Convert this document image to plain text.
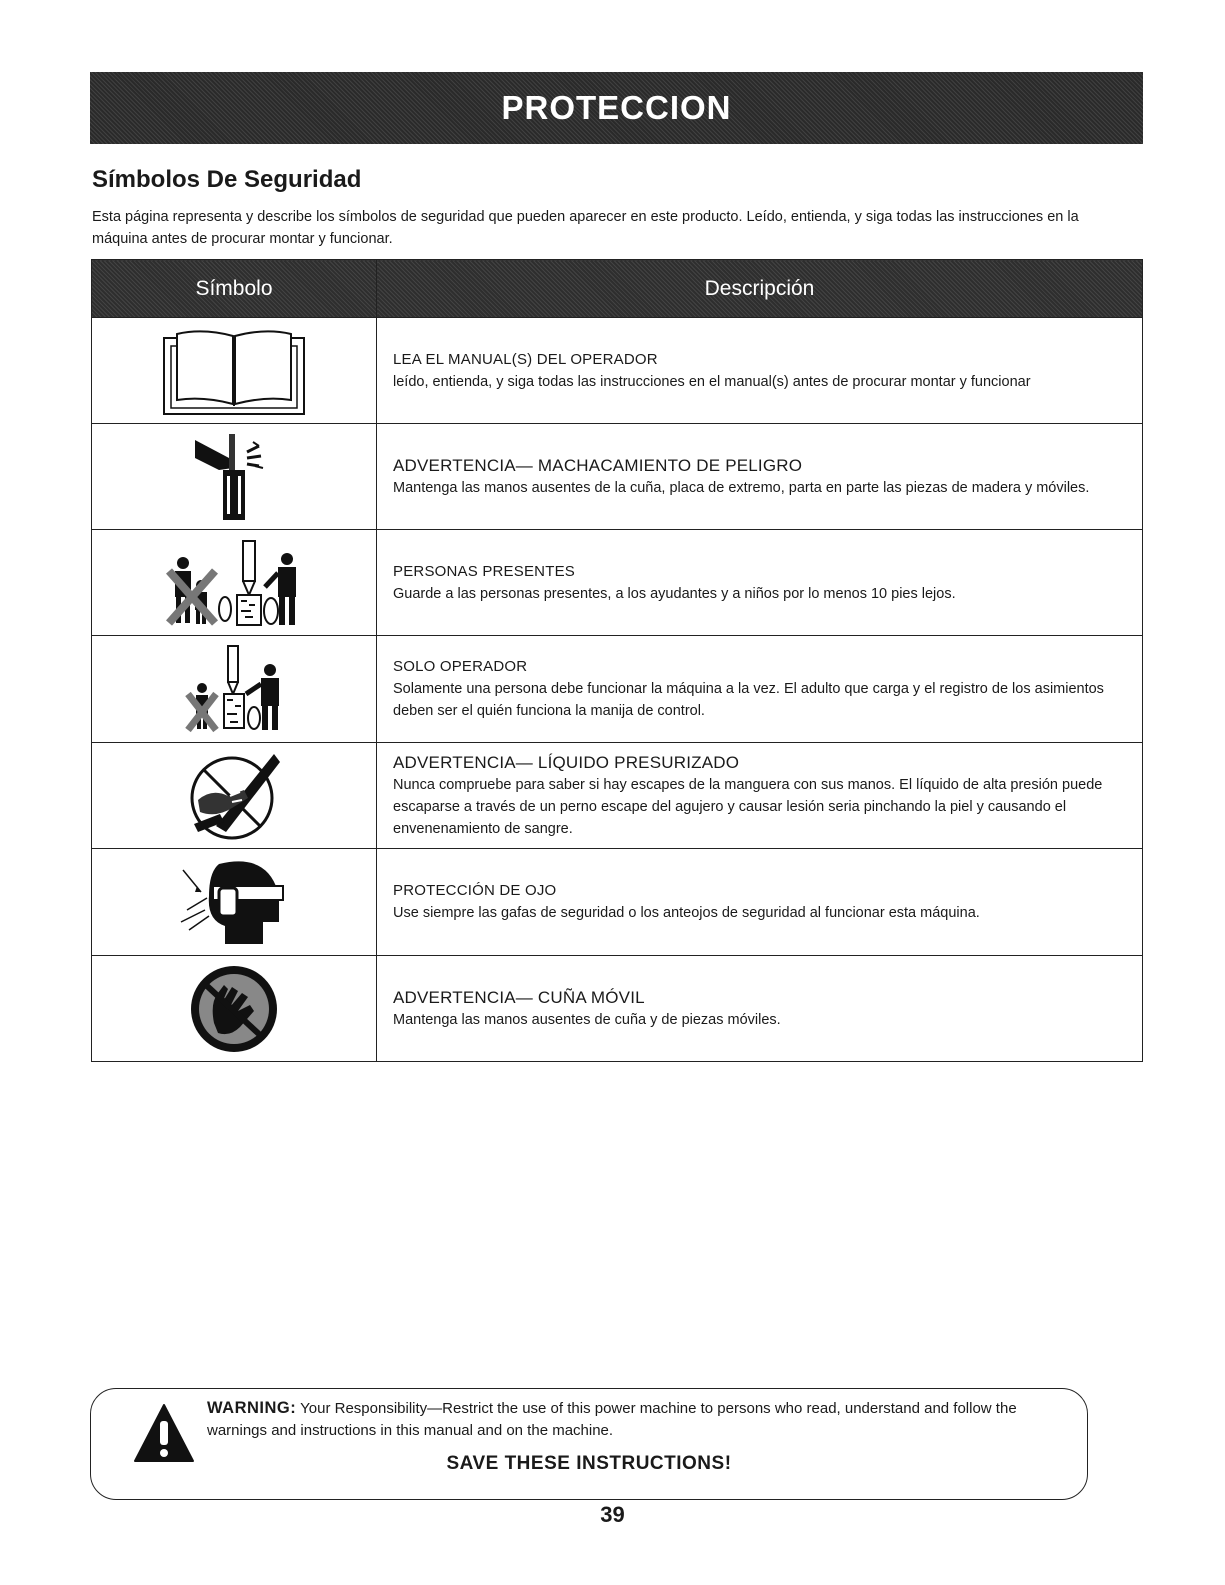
PROTECCION
Símbolos De Seguridad

Esta página representa y describe los símbolos de seguridad que pueden aparecer en este producto. Leído, entienda, y siga todas las instrucciones en la máquina antes de procurar montar y funcionar.

Símbolo	Descripción

LEA EL MANUAL(S) DEL OPERADOR
leído, entienda, y siga todas las instrucciones en el manual(s) antes de procurar montar y funcionar

ADVERTENCIA— MACHACAMIENTO DE PELIGRO
Mantenga las manos ausentes de la cuña, placa de extremo, parta en parte las piezas de madera y móviles.

PERSONAS PRESENTES
Guarde a las personas presentes, a los ayudantes y a niños por lo menos 10 pies lejos.

SOLO OPERADOR
Solamente una persona debe funcionar la máquina a la vez. El adulto que carga y el registro de los asimientos deben ser el quién funciona la manija de control.

ADVERTENCIA— LÍQUIDO PRESURIZADO
Nunca compruebe para saber si hay escapes de la manguera con sus manos. El líquido de alta presión puede escaparse a través de un perno escape del agujero y causar lesión seria pinchando la piel y causando el envenenamiento de sangre.

PROTECCIÓN DE OJO
Use siempre las gafas de seguridad o los anteojos de seguridad al funcionar esta máquina.

ADVERTENCIA— CUÑA MÓVIL
Mantenga las manos ausentes de cuña y de piezas móviles.

WARNING: Your Responsibility—Restrict the use of this power machine to persons who read, understand and follow the warnings and instructions in this manual and on the machine.

SAVE THESE INSTRUCTIONS!
39
